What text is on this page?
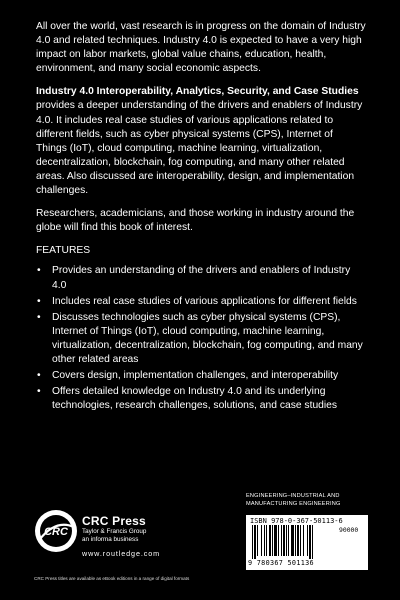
All over the world, vast research is in progress on the domain of Industry 4.0 and related techniques. Industry 4.0 is expected to have a very high impact on labor markets, global value chains, education, health, environment, and many social economic aspects.

Industry 4.0 Interoperability, Analytics, Security, and Case Studies provides a deeper understanding of the drivers and enablers of Industry 4.0. It includes real case studies of various applications related to different fields, such as cyber physical systems (CPS), Internet of Things (IoT), cloud computing, machine learning, virtualization, decentralization, blockchain, fog computing, and many other related areas. Also discussed are interoperability, design, and implementation challenges.

Researchers, academicians, and those working in industry around the globe will find this book of interest.

FEATURES

• Provides an understanding of the drivers and enablers of Industry 4.0
• Includes real case studies of various applications for different fields
• Discusses technologies such as cyber physical systems (CPS), Internet of Things (IoT), cloud computing, machine learning, virtualization, decentralization, blockchain, fog computing, and many other related areas
• Covers design, implementation challenges, and interoperability
• Offers detailed knowledge on Industry 4.0 and its underlying technologies, research challenges, solutions, and case studies
CRC
CRC Press
Taylor & Francis Group
an informa business
www.routledge.com
CRC Press titles are available as eBook editions in a range of digital formats
ENGINEERING–INDUSTRIAL AND
MANUFACTURING ENGINEERING
ISBN 978-0-367-50113-6
90000
9 780367 501136
